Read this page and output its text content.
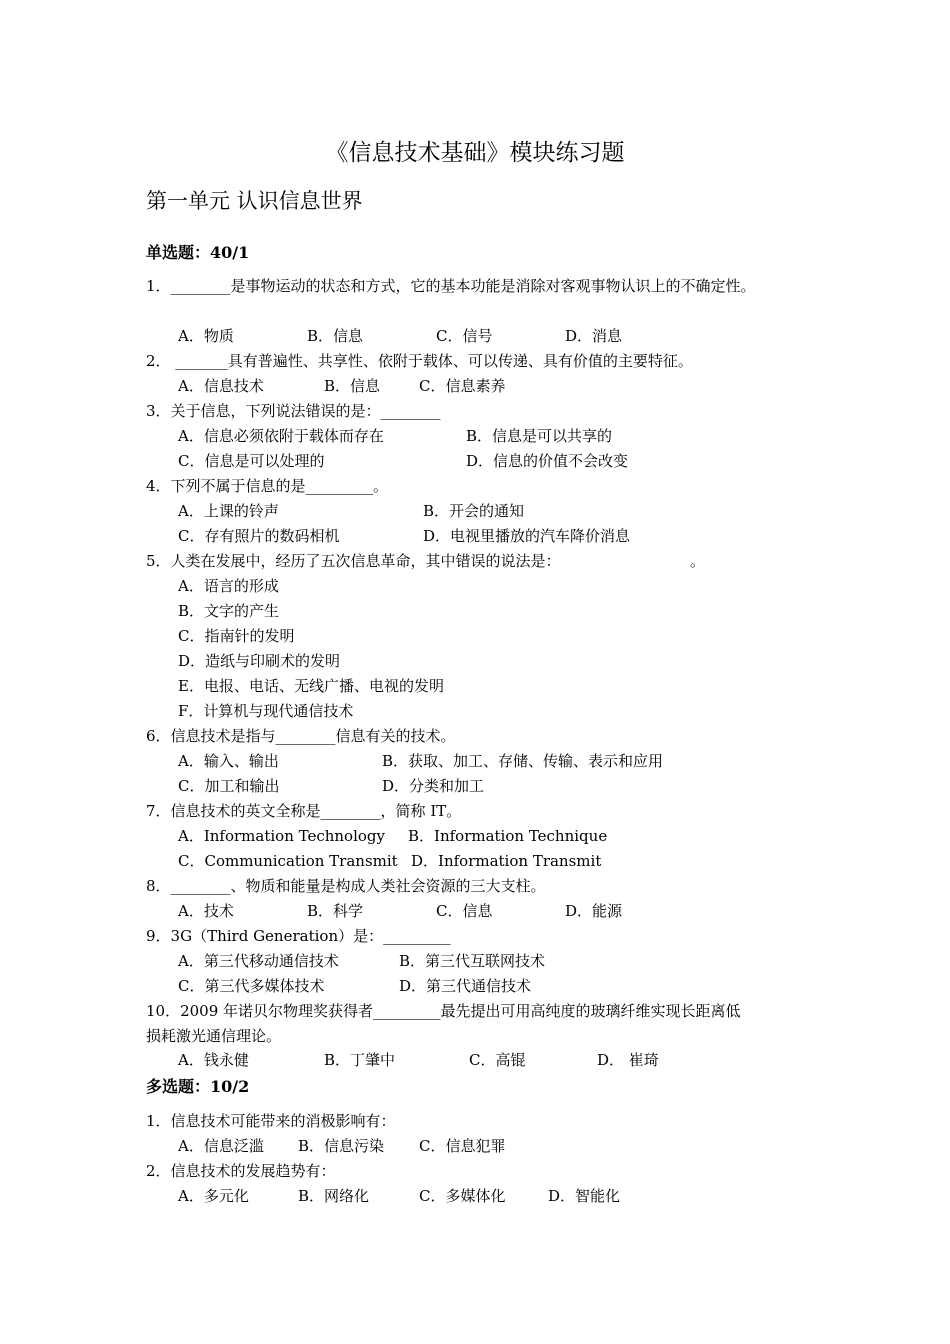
《信息技术基础》模块练习题
第一单元 认识信息世界
单选题：40/1
1．________是事物运动的状态和方式，它的基本功能是消除对客观事物认识上的不确定性。
A．物质	B．信息	C．信号	D．消息
2． _______具有普遍性、共享性、依附于载体、可以传递、具有价值的主要特征。
A．信息技术	B．信息	C．信息素养
3．关于信息，下列说法错误的是：________
A．信息必须依附于载体而存在	B．信息是可以共享的
C．信息是可以处理的	D．信息的价值不会改变
4．下列不属于信息的是_________。
A．上课的铃声	B．开会的通知
C．存有照片的数码相机	D．电视里播放的汽车降价消息
5．人类在发展中，经历了五次信息革命，其中错误的说法是：	。
A．语言的形成
B．文字的产生
C．指南针的发明
D．造纸与印刷术的发明
E．电报、电话、无线广播、电视的发明
F．计算机与现代通信技术
6．信息技术是指与________信息有关的技术。
A．输入、输出	B．获取、加工、存储、传输、表示和应用
C．加工和输出	D．分类和加工
7．信息技术的英文全称是________，简称 IT。
A．Information Technology B．Information Technique
C．Communication Transmit D．Information Transmit
8．________、物质和能量是构成人类社会资源的三大支柱。
A．技术	B．科学	C．信息	D．能源
9．3G（Third Generation）是：_________
A．第三代移动通信技术	B．第三代互联网技术
C．第三代多媒体技术	D．第三代通信技术
10．2009 年诺贝尔物理奖获得者_________最先提出可用高纯度的玻璃纤维实现长距离低
损耗激光通信理论。
A．钱永健	B．丁肇中	C．高锟	D． 崔琦
多选题：10/2
1．信息技术可能带来的消极影响有：
A．信息泛滥 B．信息污染 C．信息犯罪
2．信息技术的发展趋势有：
A．多元化	B．网络化	C．多媒体化	D．智能化
